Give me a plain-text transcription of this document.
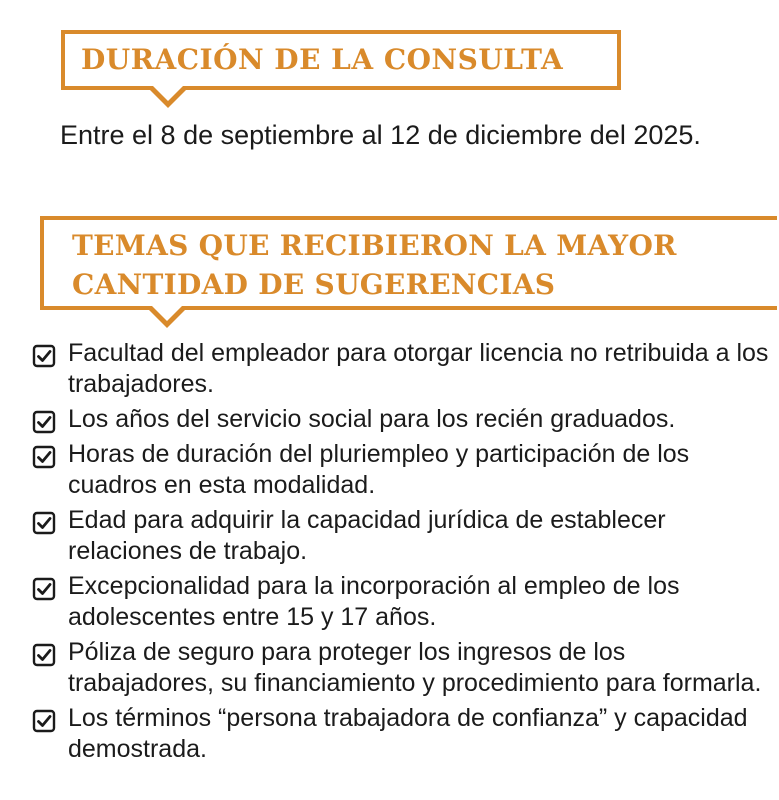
DURACIÓN DE LA CONSULTA
Entre el 8 de septiembre al 12 de diciembre del 2025.
TEMAS QUE RECIBIERON LA MAYOR
CANTIDAD DE SUGERENCIAS
Facultad del empleador para otorgar licencia no retribuida a los trabajadores.
Los años del servicio social para los recién graduados.
Horas de duración del pluriempleo y participación de los cuadros en esta modalidad.
Edad para adquirir la capacidad jurídica de establecer relaciones de trabajo.
Excepcionalidad para la incorporación al empleo de los adolescentes entre 15 y 17 años.
Póliza de seguro para proteger los ingresos de los trabajadores, su financiamiento y procedimiento para formarla.
Los términos “persona trabajadora de confianza” y capacidad demostrada.
